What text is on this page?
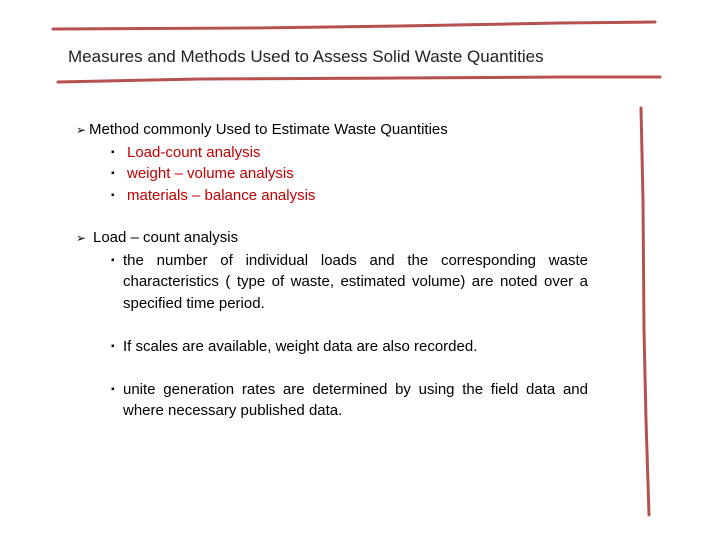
Measures and Methods Used to Assess Solid Waste Quantities
➢ Method commonly Used to Estimate Waste Quantities
▪ Load-count analysis
▪ weight – volume analysis
▪ materials – balance analysis
➢ Load – count analysis
▪ the number of individual loads and the corresponding waste characteristics ( type of waste, estimated volume) are noted over a specified time period.
▪ If scales are available, weight data are also recorded.
▪ unite generation rates are determined by using the field data and where necessary published data.
